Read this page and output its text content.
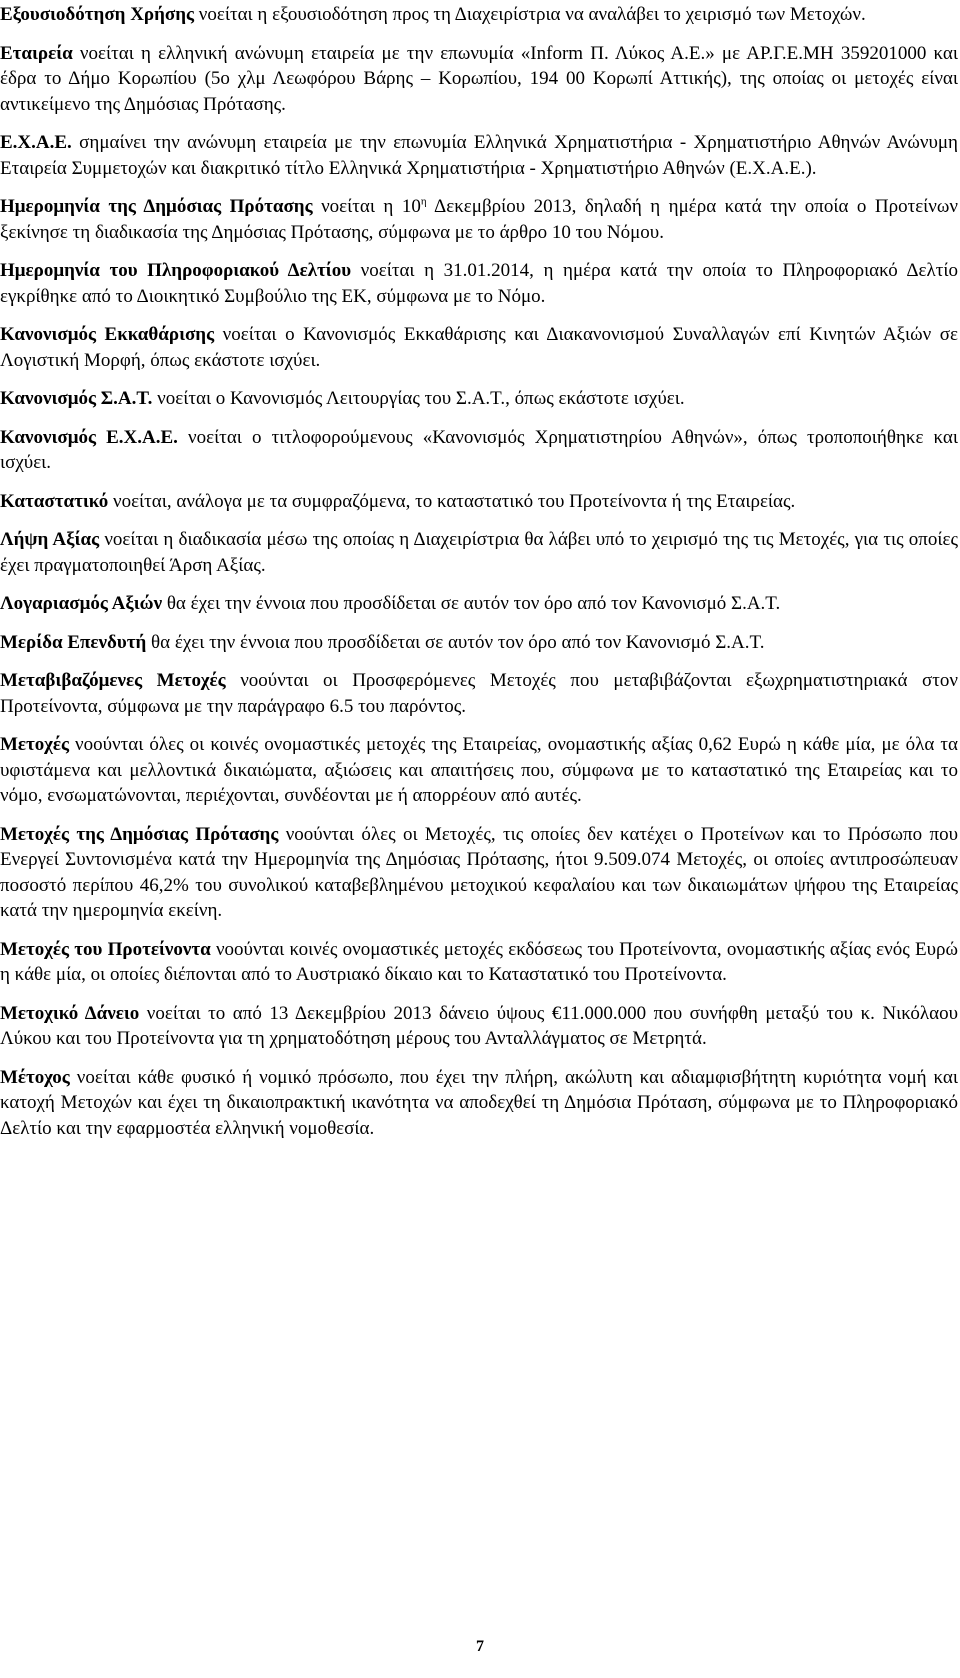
Εξουσιοδότηση Χρήσης νοείται η εξουσιοδότηση προς τη Διαχειρίστρια να αναλάβει το χειρισμό των Μετοχών.

Εταιρεία νοείται η ελληνική ανώνυμη εταιρεία με την επωνυμία «Inform Π. Λύκος Α.Ε.» με ΑΡ.Γ.Ε.ΜΗ 359201000 και έδρα το Δήμο Κορωπίου (5ο χλμ Λεωφόρου Βάρης – Κορωπίου, 194 00 Κορωπί Αττικής), της οποίας οι μετοχές είναι αντικείμενο της Δημόσιας Πρότασης.

Ε.Χ.Α.Ε. σημαίνει την ανώνυμη εταιρεία με την επωνυμία Ελληνικά Χρηματιστήρια - Χρηματιστήριο Αθηνών Ανώνυμη Εταιρεία Συμμετοχών και διακριτικό τίτλο Ελληνικά Χρηματιστήρια - Χρηματιστήριο Αθηνών (Ε.Χ.Α.Ε.).

Ημερομηνία της Δημόσιας Πρότασης νοείται η $10^\eta$ Δεκεμβρίου 2013, δηλαδή η ημέρα κατά την οποία ο Προτείνων ξεκίνησε τη διαδικασία της Δημόσιας Πρότασης, σύμφωνα με το άρθρο 10 του Νόμου.

Ημερομηνία του Πληροφοριακού Δελτίου νοείται η 31.01.2014, η ημέρα κατά την οποία το Πληροφοριακό Δελτίο εγκρίθηκε από το Διοικητικό Συμβούλιο της ΕΚ, σύμφωνα με το Νόμο.

Κανονισμός Εκκαθάρισης νοείται ο Κανονισμός Εκκαθάρισης και Διακανονισμού Συναλλαγών επί Κινητών Αξιών σε Λογιστική Μορφή, όπως εκάστοτε ισχύει.

Κανονισμός Σ.Α.Τ. νοείται ο Κανονισμός Λειτουργίας του Σ.Α.Τ., όπως εκάστοτε ισχύει.

Κανονισμός Ε.Χ.Α.Ε. νοείται ο τιτλοφορούμενους «Κανονισμός Χρηματιστηρίου Αθηνών», όπως τροποποιήθηκε και ισχύει.

Καταστατικό νοείται, ανάλογα με τα συμφραζόμενα, το καταστατικό του Προτείνοντα ή της Εταιρείας.

Λήψη Αξίας νοείται η διαδικασία μέσω της οποίας η Διαχειρίστρια θα λάβει υπό το χειρισμό της τις Μετοχές, για τις οποίες έχει πραγματοποιηθεί Άρση Αξίας.

Λογαριασμός Αξιών θα έχει την έννοια που προσδίδεται σε αυτόν τον όρο από τον Κανονισμό Σ.Α.Τ.

Μερίδα Επενδυτή θα έχει την έννοια που προσδίδεται σε αυτόν τον όρο από τον Κανονισμό Σ.Α.Τ.

Μεταβιβαζόμενες Μετοχές νοούνται οι Προσφερόμενες Μετοχές που μεταβιβάζονται εξωχρηματιστηριακά στον Προτείνοντα, σύμφωνα με την παράγραφο 6.5 του παρόντος.

Μετοχές νοούνται όλες οι κοινές ονομαστικές μετοχές της Εταιρείας, ονομαστικής αξίας 0,62 Ευρώ η κάθε μία, με όλα τα υφιστάμενα και μελλοντικά δικαιώματα, αξιώσεις και απαιτήσεις που, σύμφωνα με το καταστατικό της Εταιρείας και το νόμο, ενσωματώνονται, περιέχονται, συνδέονται με ή απορρέουν από αυτές.

Μετοχές της Δημόσιας Πρότασης νοούνται όλες οι Μετοχές, τις οποίες δεν κατέχει ο Προτείνων και το Πρόσωπο που Ενεργεί Συντονισμένα κατά την Ημερομηνία της Δημόσιας Πρότασης, ήτοι 9.509.074 Μετοχές, οι οποίες αντιπροσώπευαν ποσοστό περίπου 46,2% του συνολικού καταβεβλημένου μετοχικού κεφαλαίου και των δικαιωμάτων ψήφου της Εταιρείας κατά την ημερομηνία εκείνη.

Μετοχές του Προτείνοντα νοούνται κοινές ονομαστικές μετοχές εκδόσεως του Προτείνοντα, ονομαστικής αξίας ενός Ευρώ η κάθε μία, οι οποίες διέπονται από το Αυστριακό δίκαιο και το Καταστατικό του Προτείνοντα.

Μετοχικό Δάνειο νοείται το από 13 Δεκεμβρίου 2013 δάνειο ύψους €11.000.000 που συνήφθη μεταξύ του κ. Νικόλαου Λύκου και του Προτείνοντα για τη χρηματοδότηση μέρους του Ανταλλάγματος σε Μετρητά.

Μέτοχος νοείται κάθε φυσικό ή νομικό πρόσωπο, που έχει την πλήρη, ακώλυτη και αδιαμφισβήτητη κυριότητα νομή και κατοχή Μετοχών και έχει τη δικαιοπρακτική ικανότητα να αποδεχθεί τη Δημόσια Πρόταση, σύμφωνα με το Πληροφοριακό Δελτίο και την εφαρμοστέα ελληνική νομοθεσία.

7
